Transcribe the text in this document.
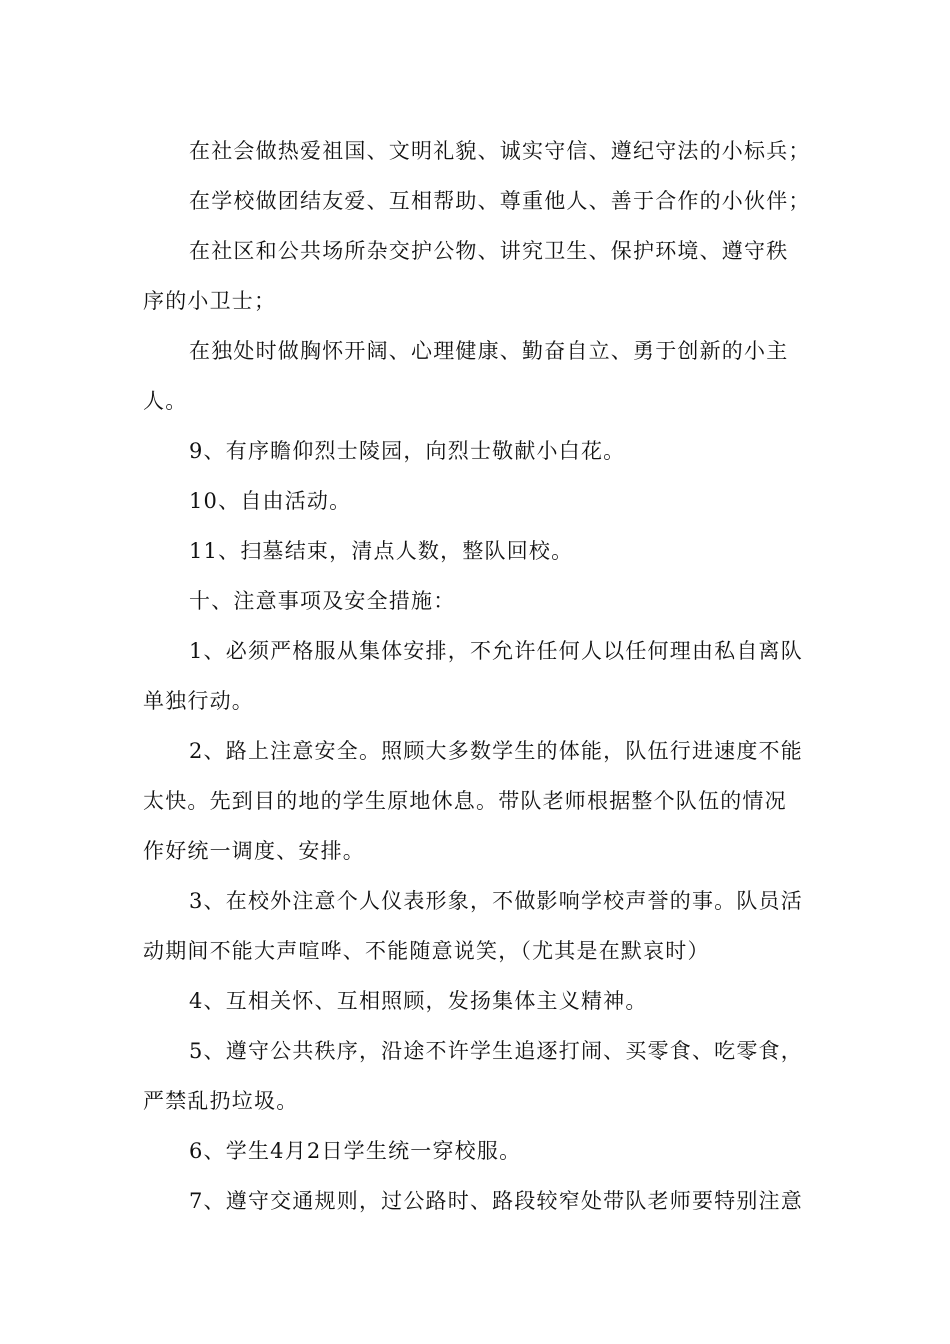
在社会做热爱祖国、文明礼貌、诚实守信、遵纪守法的小标兵；
在学校做团结友爱、互相帮助、尊重他人、善于合作的小伙伴；
在社区和公共场所杂交护公物、讲究卫生、保护环境、遵守秩
序的小卫士；
在独处时做胸怀开阔、心理健康、勤奋自立、勇于创新的小主
人。
9、有序瞻仰烈士陵园，向烈士敬献小白花。
10、自由活动。
11、扫墓结束，清点人数，整队回校。
十、注意事项及安全措施：
1、必须严格服从集体安排，不允许任何人以任何理由私自离队
单独行动。
2、路上注意安全。照顾大多数学生的体能，队伍行进速度不能
太快。先到目的地的学生原地休息。带队老师根据整个队伍的情况
作好统一调度、安排。
3、在校外注意个人仪表形象，不做影响学校声誉的事。队员活
动期间不能大声喧哗、不能随意说笑，（尤其是在默哀时）
4、互相关怀、互相照顾，发扬集体主义精神。
5、遵守公共秩序，沿途不许学生追逐打闹、买零食、吃零食，
严禁乱扔垃圾。
6、学生4月2日学生统一穿校服。
7、遵守交通规则，过公路时、路段较窄处带队老师要特别注意
